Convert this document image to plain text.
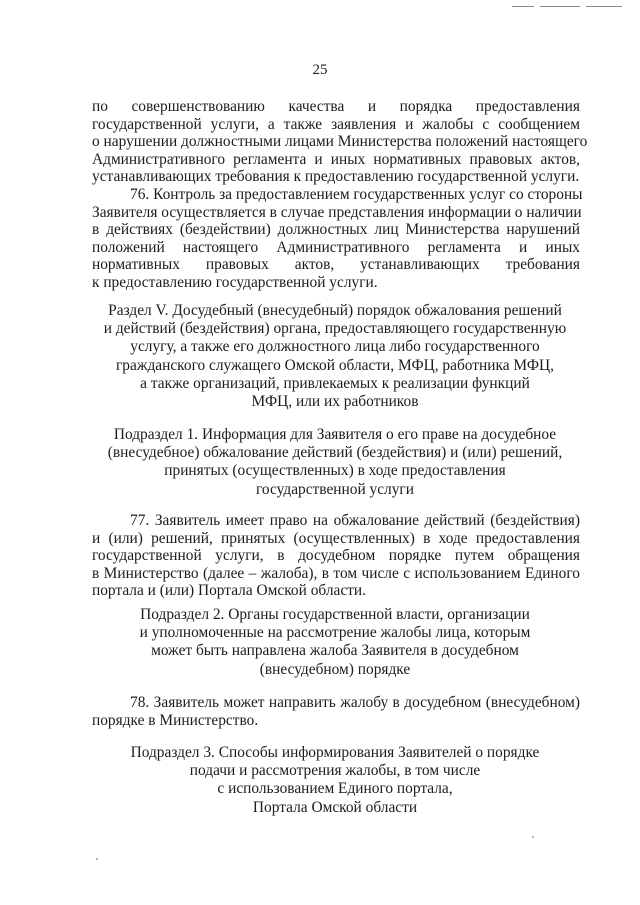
25
по совершенствованию качества и порядка предоставления
государственной услуги, а также заявления и жалобы с сообщением
о нарушении должностными лицами Министерства положений настоящего
Административного регламента и иных нормативных правовых актов,
устанавливающих требования к предоставлению государственной услуги.
76. Контроль за предоставлением государственных услуг со стороны
Заявителя осуществляется в случае представления информации о наличии
в действиях (бездействии) должностных лиц Министерства нарушений
положений настоящего Административного регламента и иных
нормативных правовых актов, устанавливающих требования
к предоставлению государственной услуги.
Раздел V. Досудебный (внесудебный) порядок обжалования решений
и действий (бездействия) органа, предоставляющего государственную
услугу, а также его должностного лица либо государственного
гражданского служащего Омской области, МФЦ, работника МФЦ,
а также организаций, привлекаемых к реализации функций
МФЦ, или их работников
Подраздел 1. Информация для Заявителя о его праве на досудебное
(внесудебное) обжалование действий (бездействия) и (или) решений,
принятых (осуществленных) в ходе предоставления
государственной услуги
77. Заявитель имеет право на обжалование действий (бездействия)
и (или) решений, принятых (осуществленных) в ходе предоставления
государственной услуги, в досудебном порядке путем обращения
в Министерство (далее – жалоба), в том числе с использованием Единого
портала и (или) Портала Омской области.
Подраздел 2. Органы государственной власти, организации
и уполномоченные на рассмотрение жалобы лица, которым
может быть направлена жалоба Заявителя в досудебном
(внесудебном) порядке
78. Заявитель может направить жалобу в досудебном (внесудебном)
порядке в Министерство.
Подраздел 3. Способы информирования Заявителей о порядке
подачи и рассмотрения жалобы, в том числе
с использованием Единого портала,
Портала Омской области
